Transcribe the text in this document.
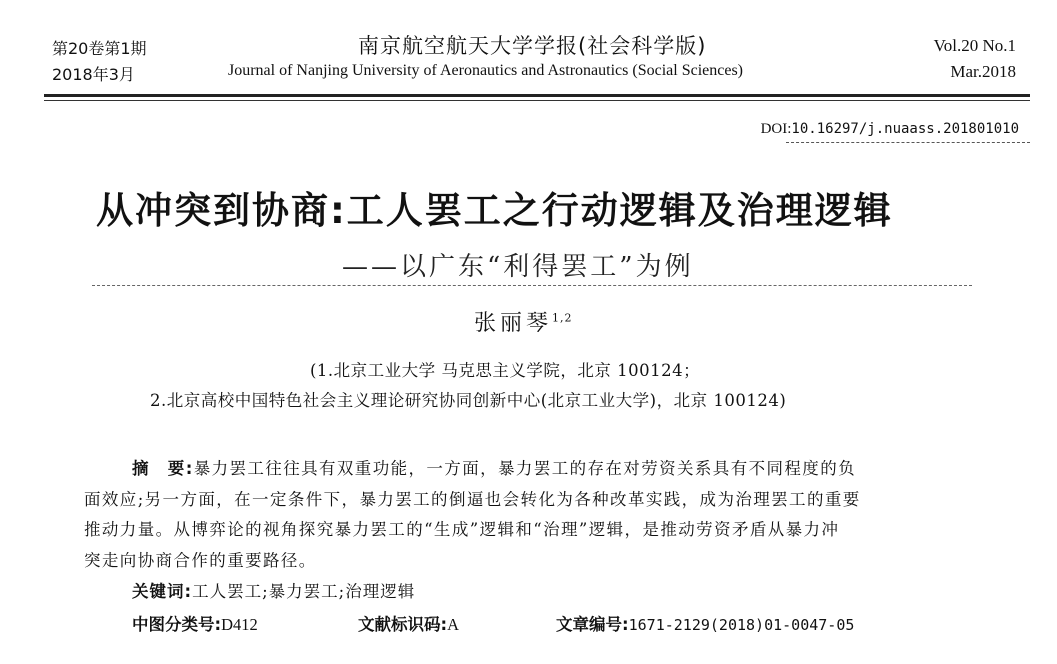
第20卷第1期
2018年3月
南京航空航天大学学报(社会科学版)
Journal of Nanjing University of Aeronautics and Astronautics (Social Sciences)
Vol.20 No.1
Mar.2018
DOI:10.16297/j.nuaass.201801010
从冲突到协商:工人罢工之行动逻辑及治理逻辑
——以广东“利得罢工”为例
张丽琴$^{1,2}$
(1.北京工业大学 马克思主义学院，北京 100124；
2.北京高校中国特色社会主义理论研究协同创新中心(北京工业大学)，北京 100124)
摘　要:暴力罢工往往具有双重功能，一方面，暴力罢工的存在对劳资关系具有不同程度的负
面效应;另一方面，在一定条件下，暴力罢工的倒逼也会转化为各种改革实践，成为治理罢工的重要
推动力量。从博弈论的视角探究暴力罢工的“生成”逻辑和“治理”逻辑，是推动劳资矛盾从暴力冲
突走向协商合作的重要路径。
关键词:工人罢工;暴力罢工;治理逻辑
中图分类号:D412	文献标识码:A	文章编号:1671-2129(2018)01-0047-05
